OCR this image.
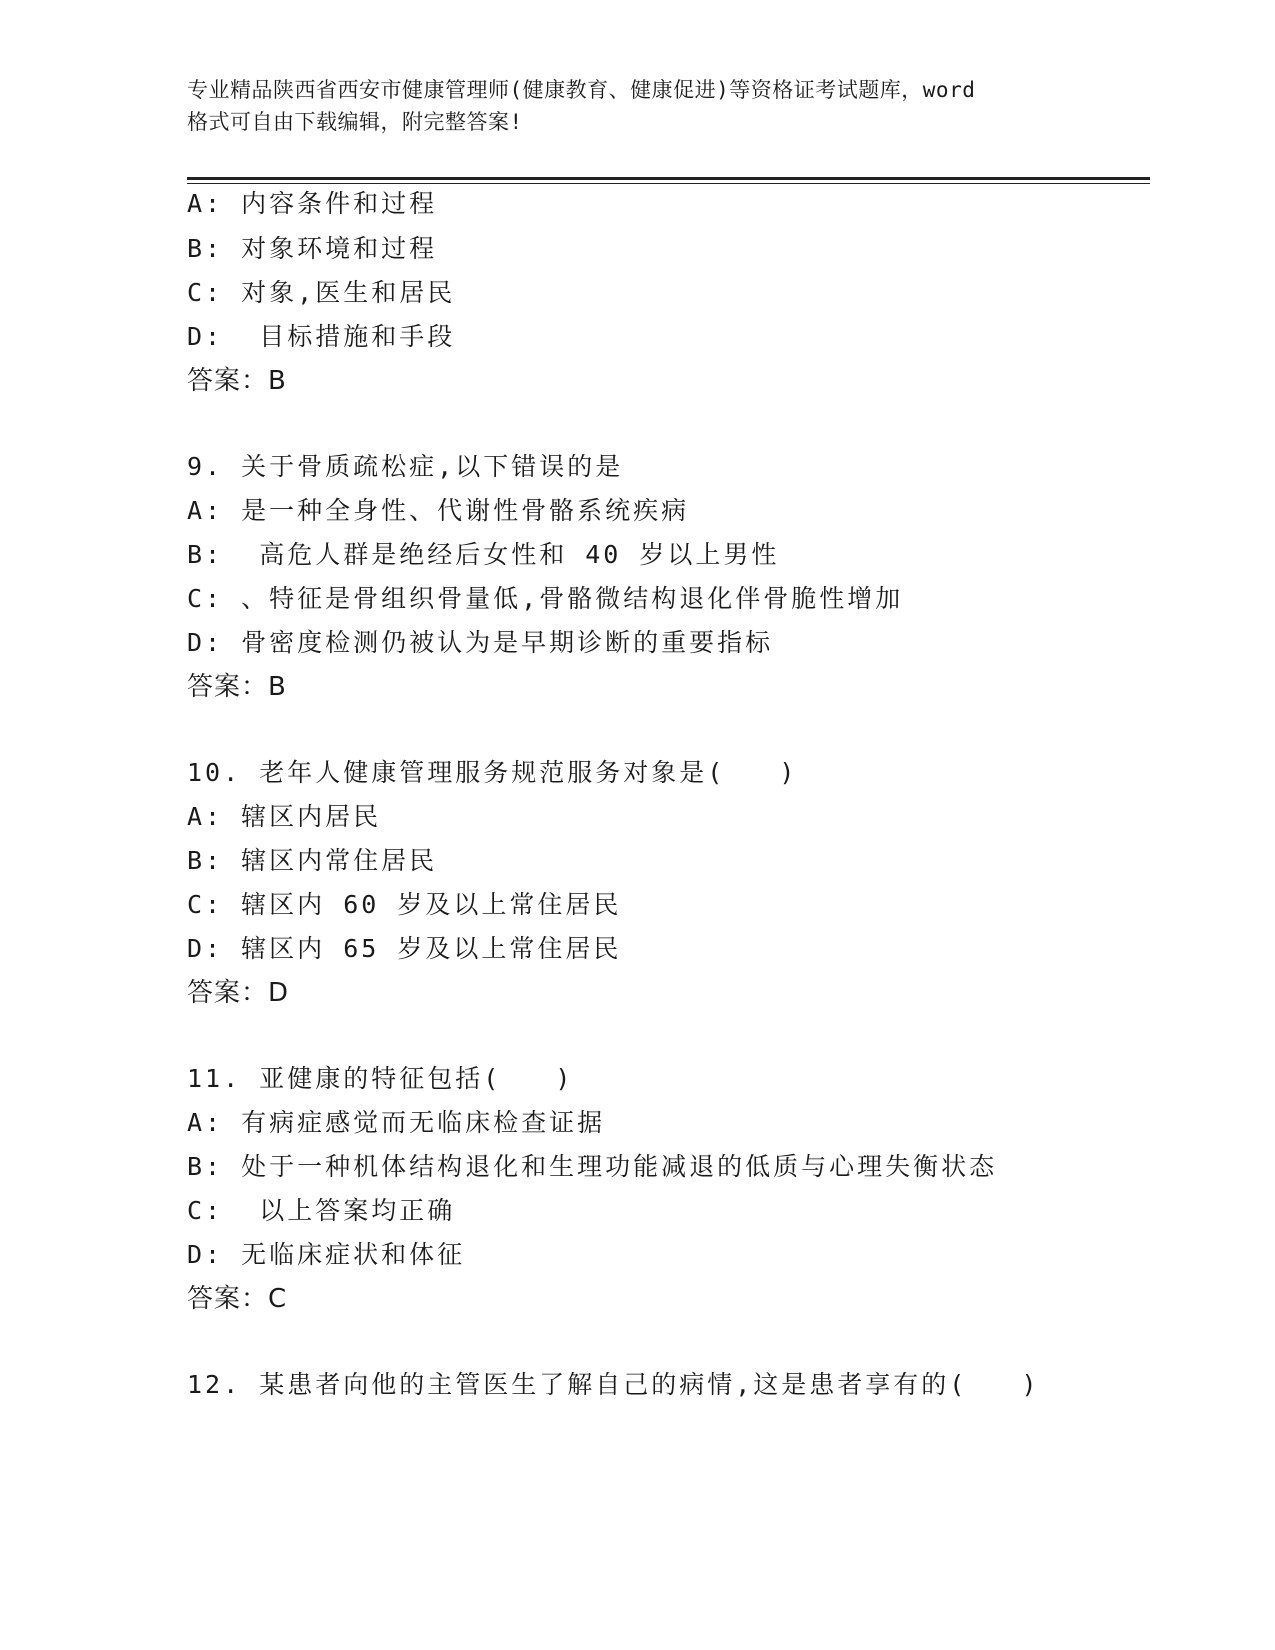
专业精品陕西省西安市健康管理师(健康教育、健康促进)等资格证考试题库，word
格式可自由下载编辑，附完整答案!
A: 内容条件和过程
B: 对象环境和过程
C: 对象,医生和居民
D:  目标措施和手段
答案：B
9. 关于骨质疏松症,以下错误的是
A: 是一种全身性、代谢性骨骼系统疾病
B:  高危人群是绝经后女性和 40 岁以上男性
C: 、特征是骨组织骨量低,骨骼微结构退化伴骨脆性增加
D: 骨密度检测仍被认为是早期诊断的重要指标
答案：B
10. 老年人健康管理服务规范服务对象是(   )
A: 辖区内居民
B: 辖区内常住居民
C: 辖区内 60 岁及以上常住居民
D: 辖区内 65 岁及以上常住居民
答案：D
11. 亚健康的特征包括(   )
A: 有病症感觉而无临床检查证据
B: 处于一种机体结构退化和生理功能减退的低质与心理失衡状态
C:  以上答案均正确
D: 无临床症状和体征
答案：C
12. 某患者向他的主管医生了解自己的病情,这是患者享有的(   )
